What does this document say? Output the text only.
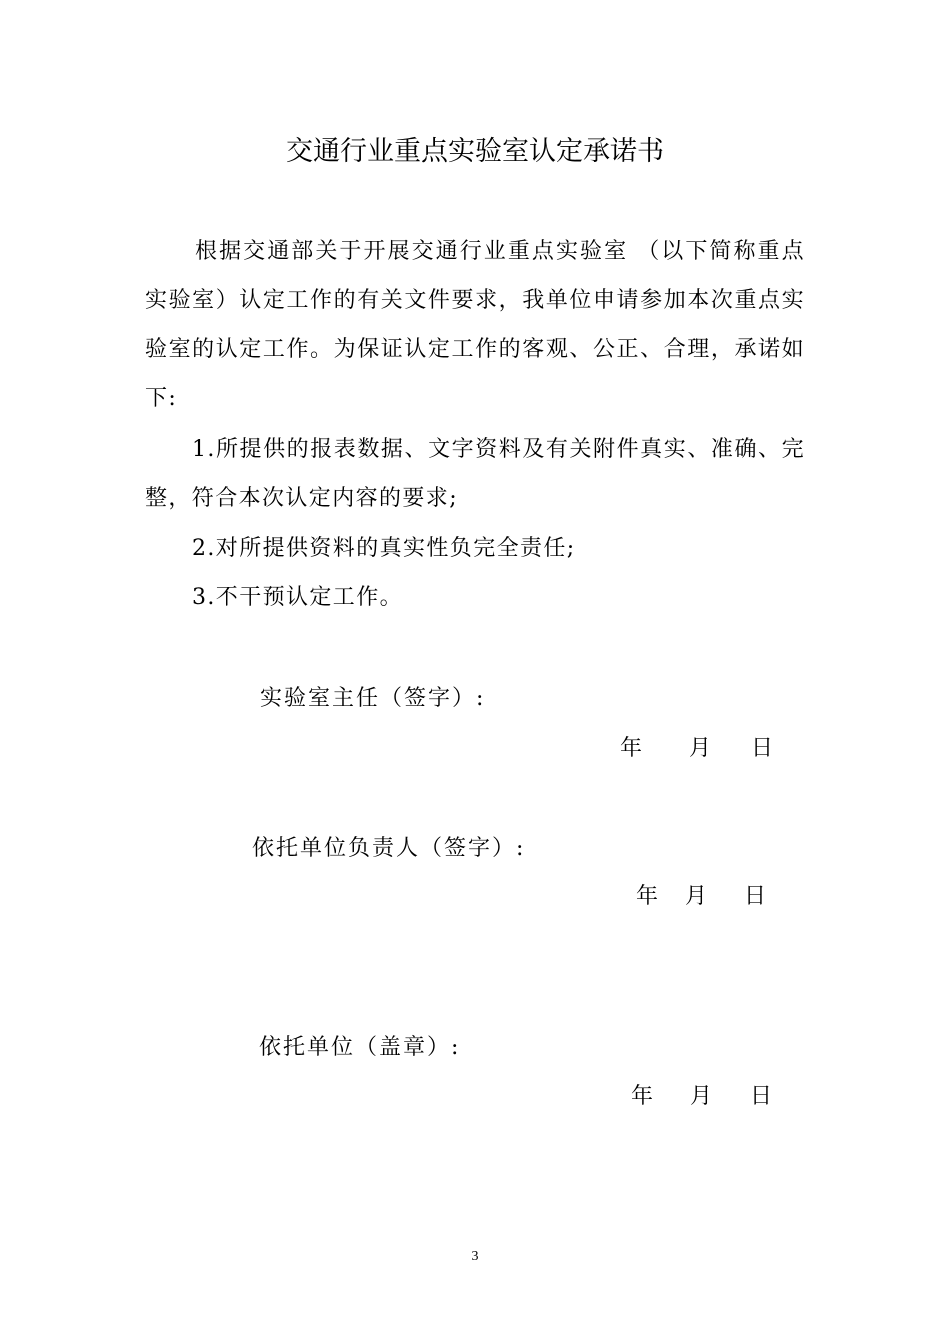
交通行业重点实验室认定承诺书
根据交通部关于开展交通行业重点实验室 （以下简称重点实验室）认定工作的有关文件要求，我单位申请参加本次重点实验室的认定工作。为保证认定工作的客观、公正、合理，承诺如下:
1.所提供的报表数据、文字资料及有关附件真实、准确、完整，符合本次认定内容的要求;
2.对所提供资料的真实性负完全责任;
3.不干预认定工作。
实验室主任（签字）:
年 月 日
依托单位负责人（签字）:
年 月 日
依托单位（盖章）:
年 月 日
3
